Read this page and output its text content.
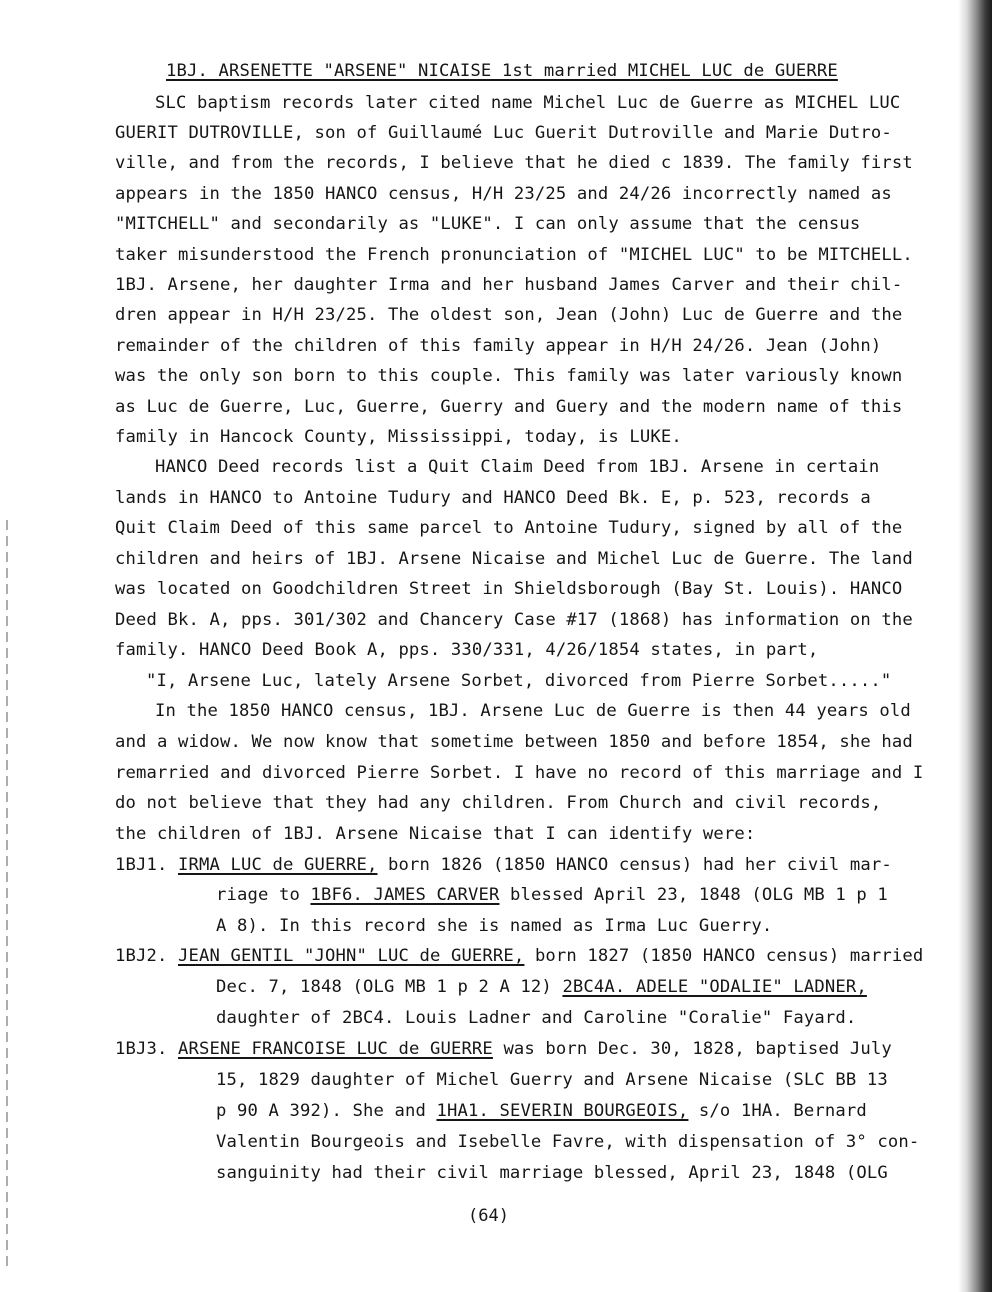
1BJ. ARSENETTE "ARSENE" NICAISE 1st married MICHEL LUC de GUERRE
SLC baptism records later cited name Michel Luc de Guerre as MICHEL LUC
GUERIT DUTROVILLE, son of Guillaumé Luc Guerit Dutroville and Marie Dutro-
ville, and from the records, I believe that he died c 1839. The family first
appears in the 1850 HANCO census, H/H 23/25 and 24/26 incorrectly named as
"MITCHELL" and secondarily as "LUKE". I can only assume that the census
taker misunderstood the French pronunciation of "MICHEL LUC" to be MITCHELL.
1BJ. Arsene, her daughter Irma and her husband James Carver and their chil-
dren appear in H/H 23/25. The oldest son, Jean (John) Luc de Guerre and the
remainder of the children of this family appear in H/H 24/26. Jean (John)
was the only son born to this couple. This family was later variously known
as Luc de Guerre, Luc, Guerre, Guerry and Guery and the modern name of this
family in Hancock County, Mississippi, today, is LUKE.
HANCO Deed records list a Quit Claim Deed from 1BJ. Arsene in certain
lands in HANCO to Antoine Tudury and HANCO Deed Bk. E, p. 523, records a
Quit Claim Deed of this same parcel to Antoine Tudury, signed by all of the
children and heirs of 1BJ. Arsene Nicaise and Michel Luc de Guerre. The land
was located on Goodchildren Street in Shieldsborough (Bay St. Louis). HANCO
Deed Bk. A, pps. 301/302 and Chancery Case #17 (1868) has information on the
family. HANCO Deed Book A, pps. 330/331, 4/26/1854 states, in part,
"I, Arsene Luc, lately Arsene Sorbet, divorced from Pierre Sorbet....."
In the 1850 HANCO census, 1BJ. Arsene Luc de Guerre is then 44 years old
and a widow. We now know that sometime between 1850 and before 1854, she had
remarried and divorced Pierre Sorbet. I have no record of this marriage and I
do not believe that they had any children. From Church and civil records,
the children of 1BJ. Arsene Nicaise that I can identify were:
1BJ1. IRMA LUC de GUERRE, born 1826 (1850 HANCO census) had her civil mar-
riage to 1BF6. JAMES CARVER blessed April 23, 1848 (OLG MB 1 p 1
A 8). In this record she is named as Irma Luc Guerry.
1BJ2. JEAN GENTIL "JOHN" LUC de GUERRE, born 1827 (1850 HANCO census) married
Dec. 7, 1848 (OLG MB 1 p 2 A 12) 2BC4A. ADELE "ODALIE" LADNER,
daughter of 2BC4. Louis Ladner and Caroline "Coralie" Fayard.
1BJ3. ARSENE FRANCOISE LUC de GUERRE was born Dec. 30, 1828, baptised July
15, 1829 daughter of Michel Guerry and Arsene Nicaise (SLC BB 13
p 90 A 392). She and 1HA1. SEVERIN BOURGEOIS, s/o 1HA. Bernard
Valentin Bourgeois and Isebelle Favre, with dispensation of 3° con-
sanguinity had their civil marriage blessed, April 23, 1848 (OLG
(64)
